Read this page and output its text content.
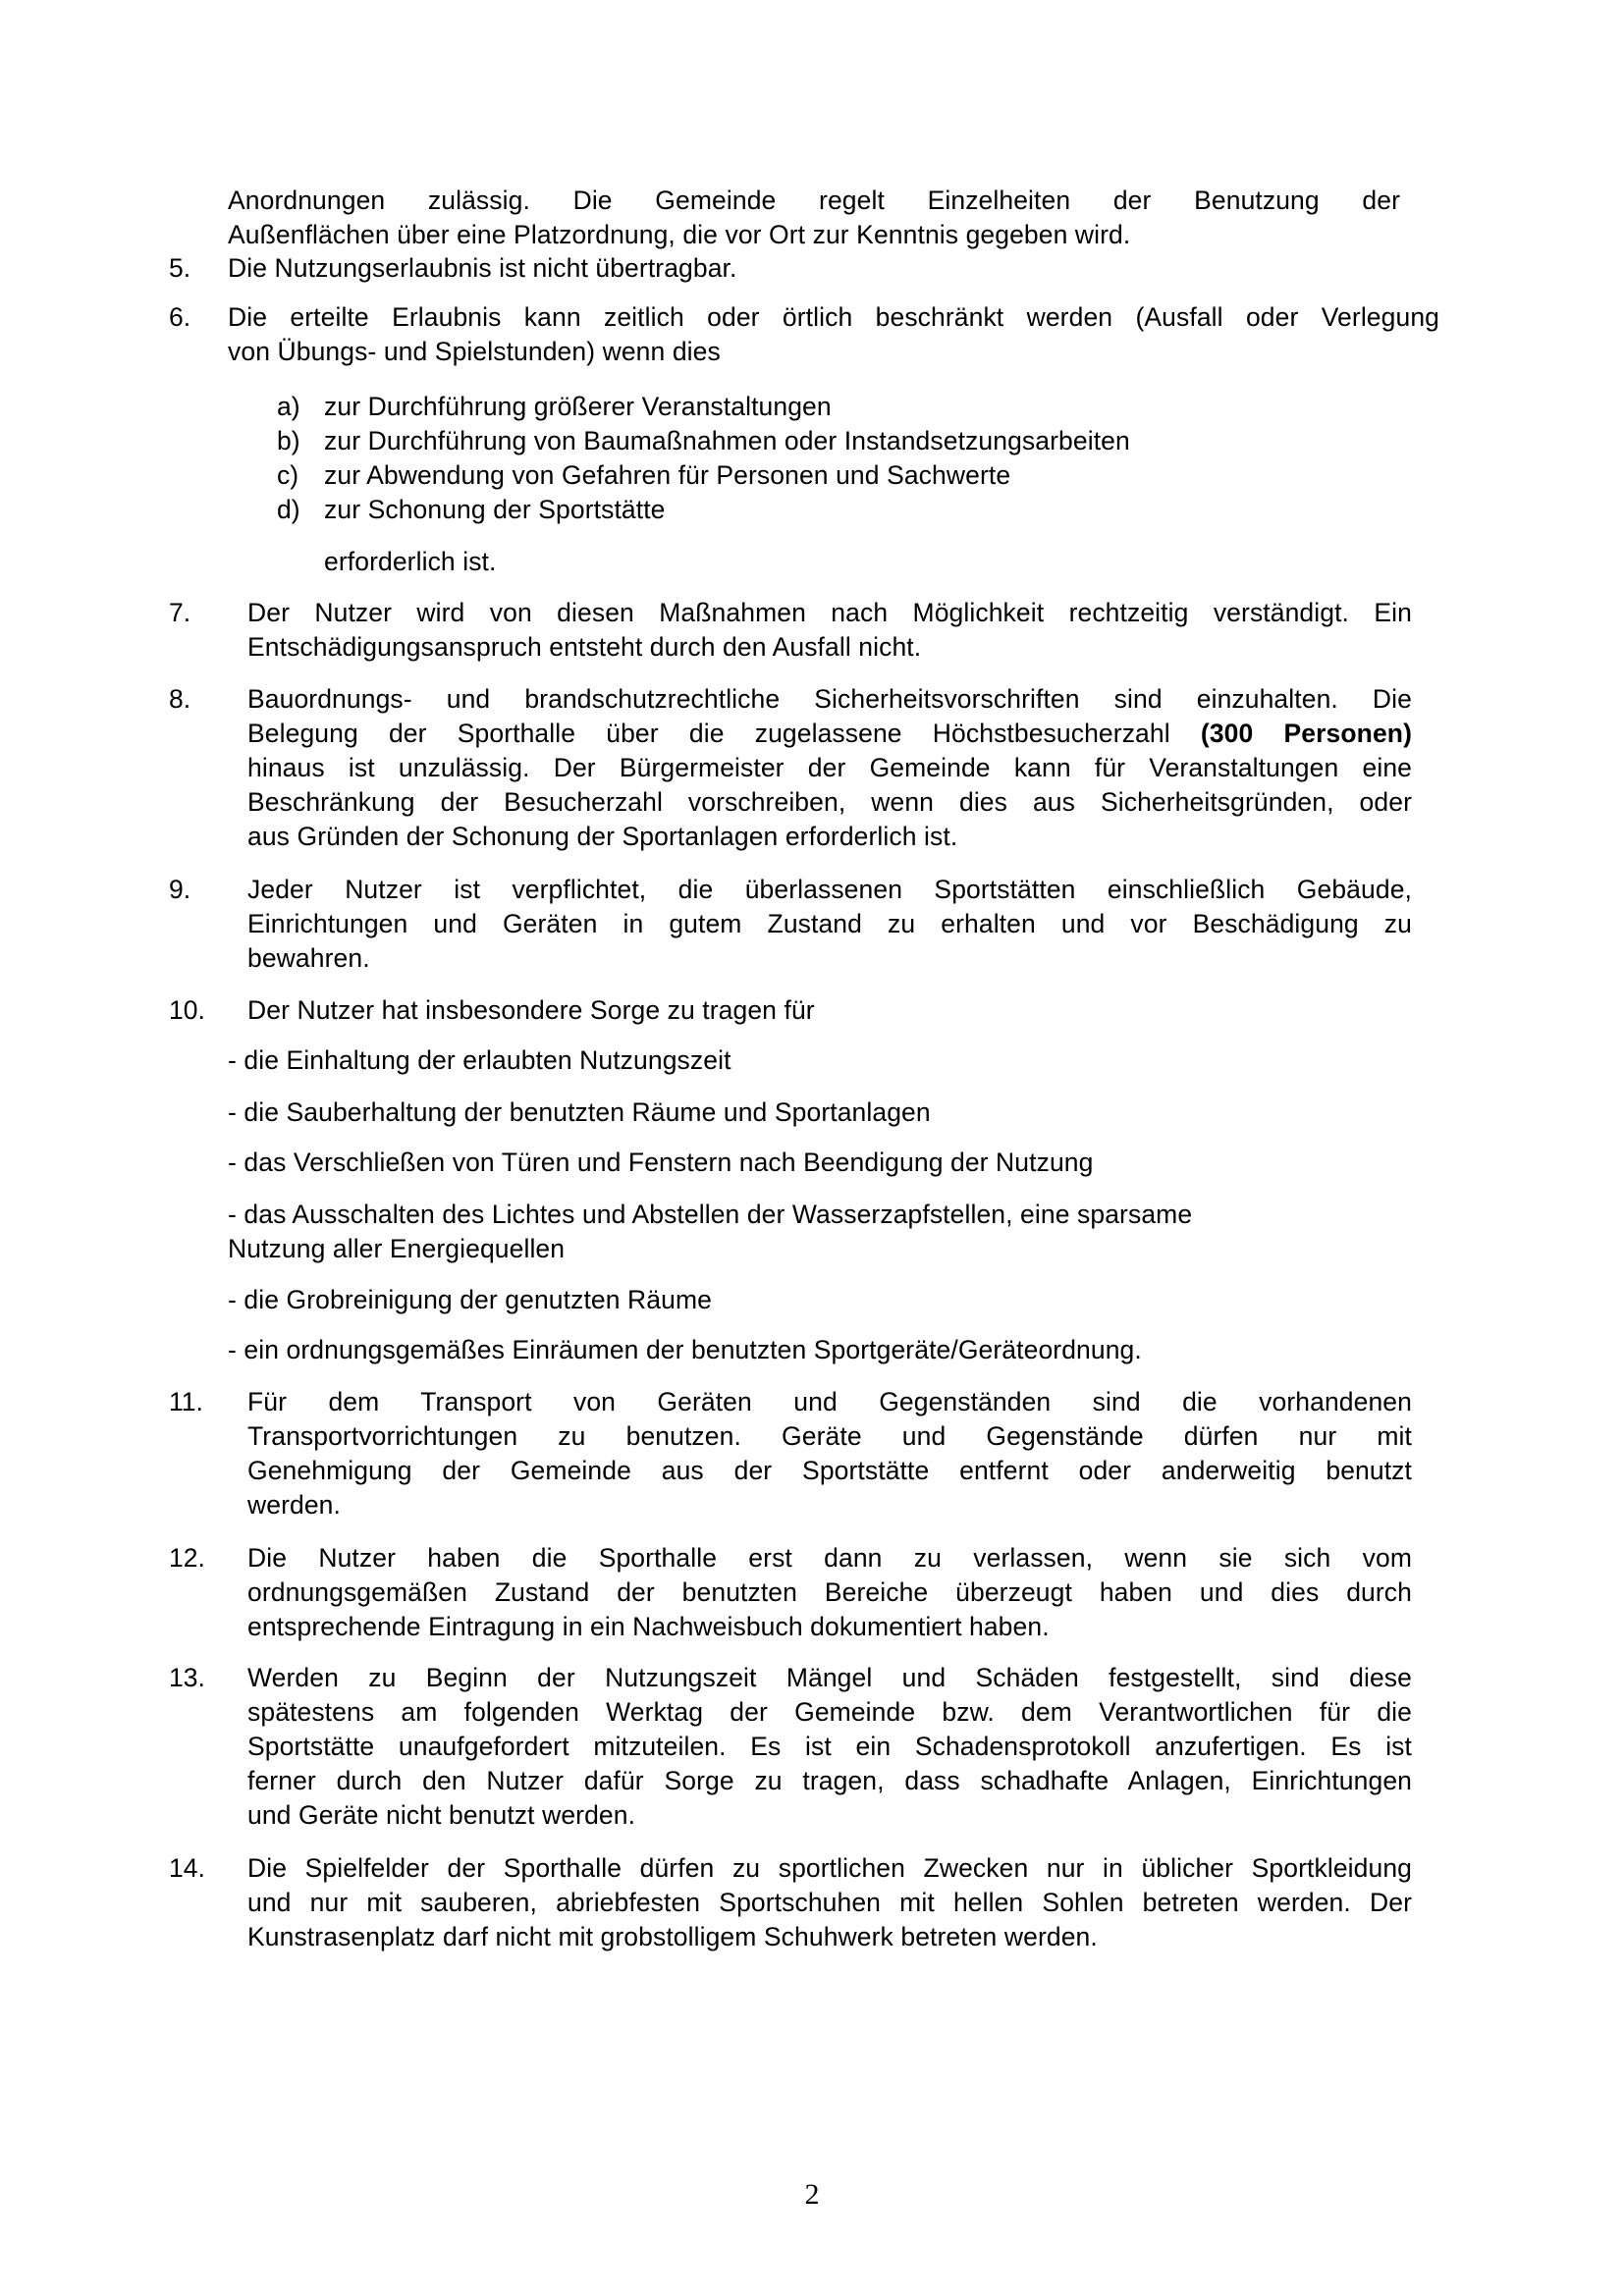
Anordnungen zulässig. Die Gemeinde regelt Einzelheiten der Benutzung der
Außenflächen über eine Platzordnung, die vor Ort zur Kenntnis gegeben wird.
5. Die Nutzungserlaubnis ist nicht übertragbar.
6. Die erteilte Erlaubnis kann zeitlich oder örtlich beschränkt werden (Ausfall oder Verlegung
von Übungs- und Spielstunden) wenn dies
a) zur Durchführung größerer Veranstaltungen
b) zur Durchführung von Baumaßnahmen oder Instandsetzungsarbeiten
c) zur Abwendung von Gefahren für Personen und Sachwerte
d) zur Schonung der Sportstätte
erforderlich ist.
7. Der Nutzer wird von diesen Maßnahmen nach Möglichkeit rechtzeitig verständigt. Ein
Entschädigungsanspruch entsteht durch den Ausfall nicht.
8. Bauordnungs- und brandschutzrechtliche Sicherheitsvorschriften sind einzuhalten. Die
Belegung der Sporthalle über die zugelassene Höchstbesucherzahl (300 Personen)
hinaus ist unzulässig. Der Bürgermeister der Gemeinde kann für Veranstaltungen eine
Beschränkung der Besucherzahl vorschreiben, wenn dies aus Sicherheitsgründen, oder
aus Gründen der Schonung der Sportanlagen erforderlich ist.
9. Jeder Nutzer ist verpflichtet, die überlassenen Sportstätten einschließlich Gebäude,
Einrichtungen und Geräten in gutem Zustand zu erhalten und vor Beschädigung zu
bewahren.
10. Der Nutzer hat insbesondere Sorge zu tragen für
- die Einhaltung der erlaubten Nutzungszeit
- die Sauberhaltung der benutzten Räume und Sportanlagen
- das Verschließen von Türen und Fenstern nach Beendigung der Nutzung
- das Ausschalten des Lichtes und Abstellen der Wasserzapfstellen, eine sparsame
Nutzung aller Energiequellen
- die Grobreinigung der genutzten Räume
- ein ordnungsgemäßes Einräumen der benutzten Sportgeräte/Geräteordnung.
11. Für dem Transport von Geräten und Gegenständen sind die vorhandenen
Transportvorrichtungen zu benutzen. Geräte und Gegenstände dürfen nur mit
Genehmigung der Gemeinde aus der Sportstätte entfernt oder anderweitig benutzt
werden.
12. Die Nutzer haben die Sporthalle erst dann zu verlassen, wenn sie sich vom
ordnungsgemäßen Zustand der benutzten Bereiche überzeugt haben und dies durch
entsprechende Eintragung in ein Nachweisbuch dokumentiert haben.
13. Werden zu Beginn der Nutzungszeit Mängel und Schäden festgestellt, sind diese
spätestens am folgenden Werktag der Gemeinde bzw. dem Verantwortlichen für die
Sportstätte unaufgefordert mitzuteilen. Es ist ein Schadensprotokoll anzufertigen. Es ist
ferner durch den Nutzer dafür Sorge zu tragen, dass schadhafte Anlagen, Einrichtungen
und Geräte nicht benutzt werden.
14. Die Spielfelder der Sporthalle dürfen zu sportlichen Zwecken nur in üblicher Sportkleidung
und nur mit sauberen, abriebfesten Sportschuhen mit hellen Sohlen betreten werden. Der
Kunstrasenplatz darf nicht mit grobstolligem Schuhwerk betreten werden.
2
